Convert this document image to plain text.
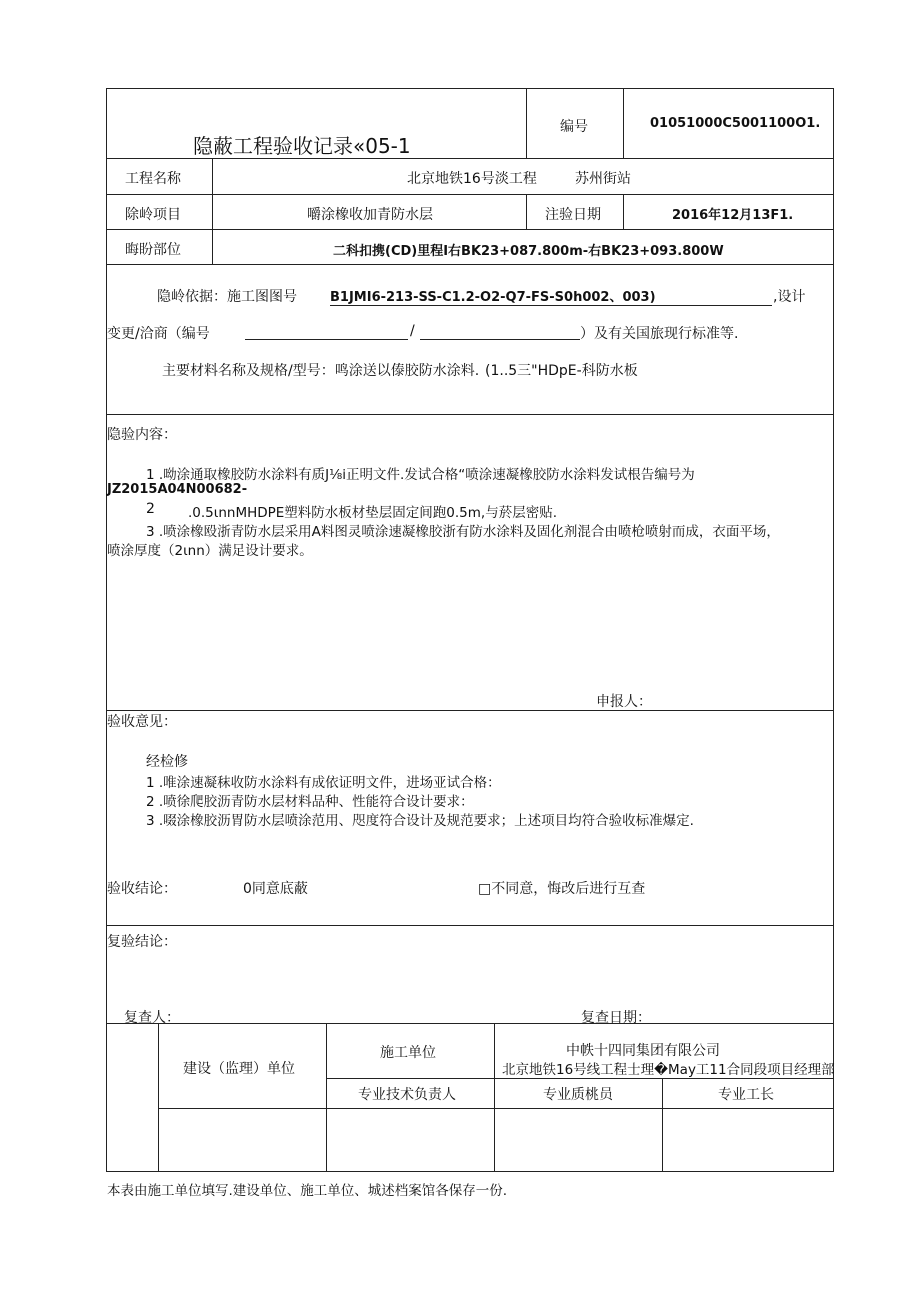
隐蔽工程验收记录«05-1
编号	01051000C5001100O1.
工程名称	北京地铁16号淡工程	苏州街站
除岭项目	嚼涂橡收加青防水层	注验日期	2016年12月13F1.
晦盼部位	二科扣携(CD)里程I右BK23+087.800m-右BK23+093.800W
隐岭依据：施工图图号	B1JMI6-213-SS-C1.2-O2-Q7-FS-S0h002、003)	,设计
变更/洽商（编号	/	）及有关国旅现行标准等.
主要材料名称及规格/型号：鸣涂送以傣胶防水涂料. (1..5三"HDpE-科防水板
隐验内容：
1 .呦涂通取橡胶防水涂料有质J⅛i正明文件.发试合格“喷涂速凝橡胶防水涂料发试根告编号为
JZ2015A04N00682-
2 .0.5ιnnMHDPE塑料防水板材垫层固定间跑0.5m,与菸层密贴.
3 .喷涂橡殴浙青防水层采用A料图灵喷涂速凝橡胶浙有防水涂料及固化剂混合由喷枪喷射而成，衣面平场，
喷涂厚度（2ιnn）满足设计要求。
申报人：
验收意见：
经检修
1 .唯涂速凝秣收防水涂料有成依证明文件，进场亚试合格：
2 .喷徐爬胶沥青防水层材料品种、性能符合设计要求：
3 .啜涂橡胶沥胃防水层喷涂范用、咫度符合设计及规范要求；上述项目均符合验收标准爆定.
验收结论：	0同意底蔽	□不同意，悔改后进行互查
复验结论：
复查人：	复查日期：
建设（监理）单位
施工单位	中帙十四同集团有限公司
北京地铁16号线工程士理�May工11合同段项目经理部
专业技术负责人	专业质桃员	专业工长
本表由施工单位填写.建设单位、施工单位、城述档案馆各保存一份.
